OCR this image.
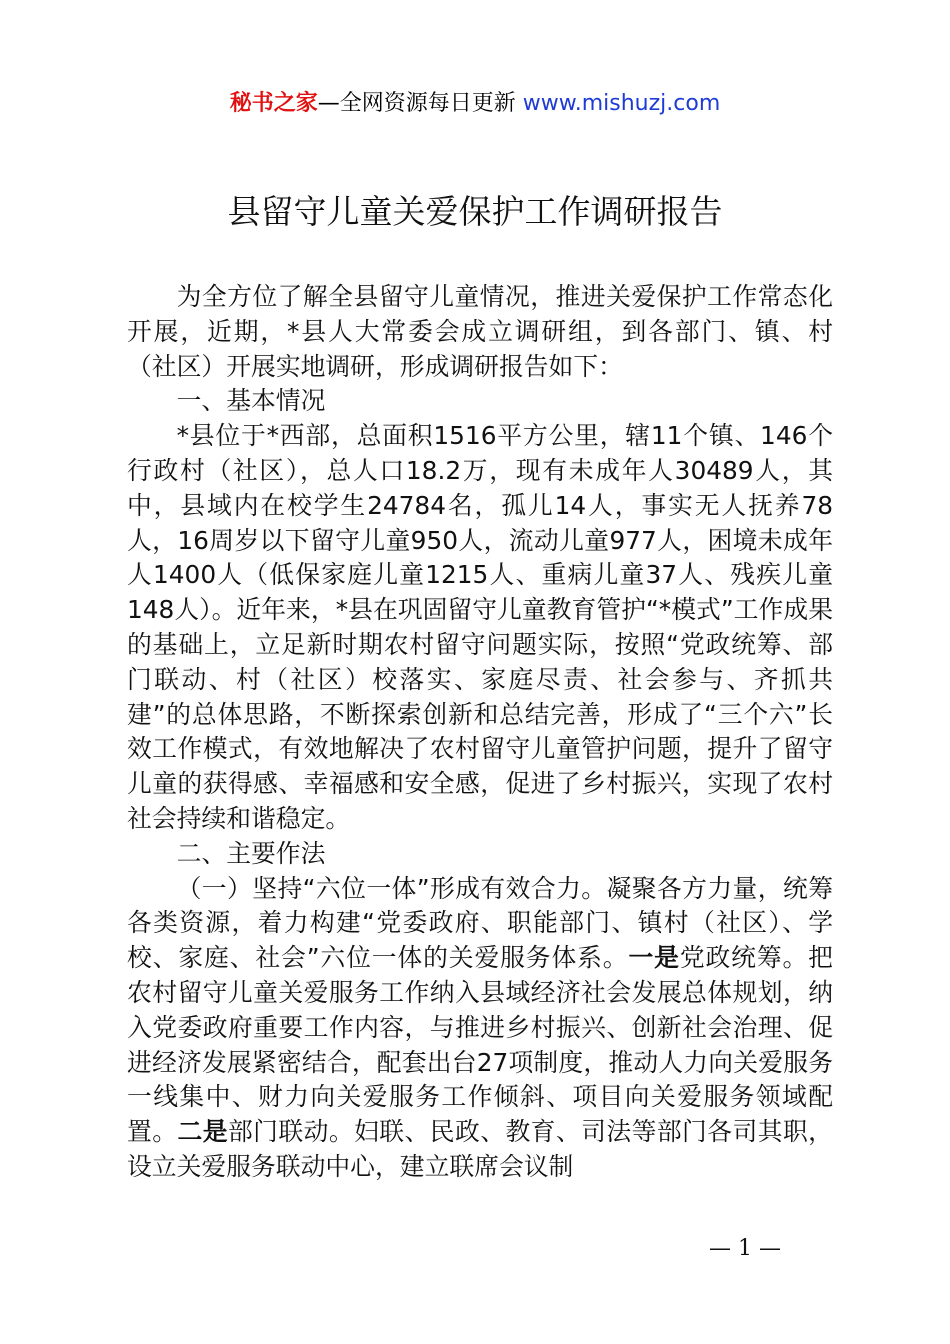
秘书之家—全网资源每日更新 www.mishuzj.com
县留守儿童关爱保护工作调研报告

为全方位了解全县留守儿童情况，推进关爱保护工作常态化开展，近期，*县人大常委会成立调研组，到各部门、镇、村（社区）开展实地调研，形成调研报告如下：

一、基本情况

*县位于*西部，总面积1516平方公里，辖11个镇、146个行政村（社区），总人口18.2万，现有未成年人30489人，其中，县域内在校学生24784名，孤儿14人，事实无人抚养78人，16周岁以下留守儿童950人，流动儿童977人，困境未成年人1400人（低保家庭儿童1215人、重病儿童37人、残疾儿童148人）。近年来，*县在巩固留守儿童教育管护“*模式”工作成果的基础上，立足新时期农村留守问题实际，按照“党政统筹、部门联动、村（社区）校落实、家庭尽责、社会参与、齐抓共建”的总体思路，不断探索创新和总结完善，形成了“三个六”长效工作模式，有效地解决了农村留守儿童管护问题，提升了留守儿童的获得感、幸福感和安全感，促进了乡村振兴，实现了农村社会持续和谐稳定。

二、主要作法

（一）坚持“六位一体”形成有效合力。凝聚各方力量，统筹各类资源，着力构建“党委政府、职能部门、镇村（社区）、学校、家庭、社会”六位一体的关爱服务体系。一是党政统筹。把农村留守儿童关爱服务工作纳入县域经济社会发展总体规划，纳入党委政府重要工作内容，与推进乡村振兴、创新社会治理、促进经济发展紧密结合，配套出台27项制度，推动人力向关爱服务一线集中、财力向关爱服务工作倾斜、项目向关爱服务领域配置。二是部门联动。妇联、民政、教育、司法等部门各司其职，设立关爱服务联动中心，建立联席会议制

— 1 —
